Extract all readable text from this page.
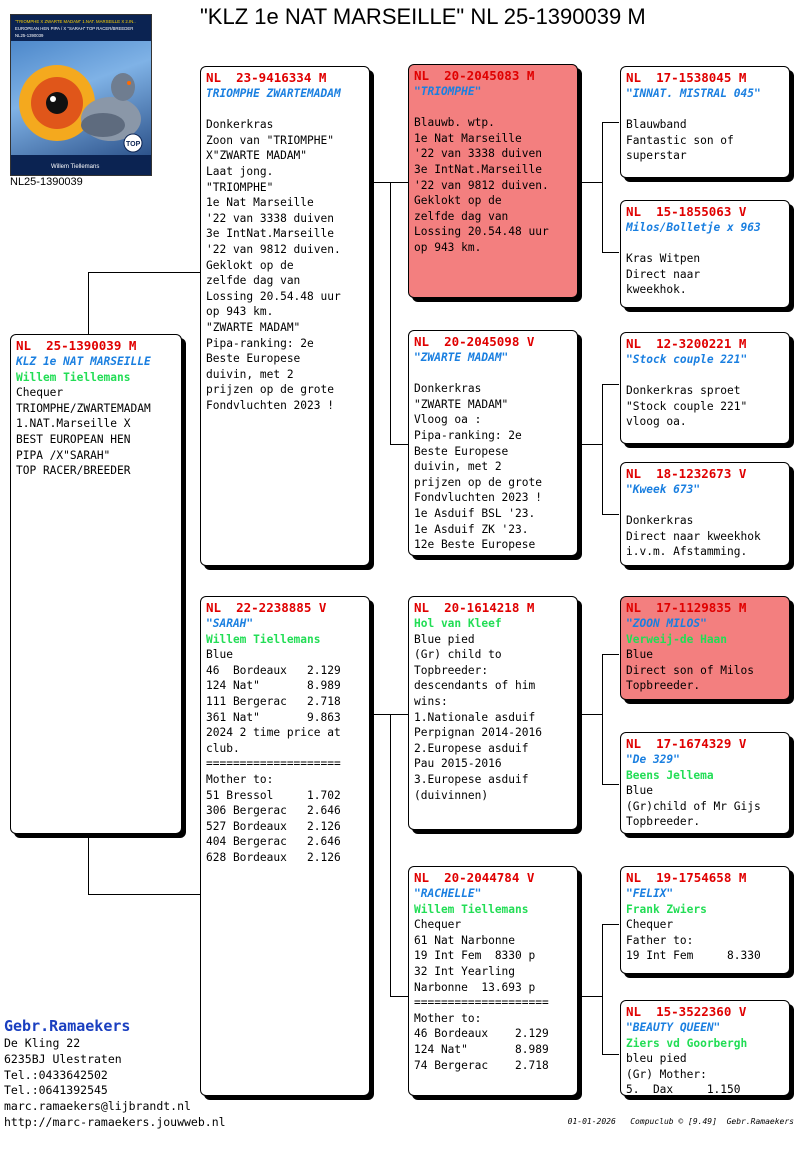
"KLZ 1e NAT MARSEILLE" NL 25-1390039 M
"TRIOMPHE X ZWARTE MADAM" 1.NAT. MARSEILLE X 2.IN..
EUROPEAN HEN PIPA / X "SARAH" TOP RACER/BREEDER
NL25-1390039
TOP
Willem Tiellemans
NL25-1390039
NL  25-1390039 M
KLZ 1e NAT MARSEILLE
Willem Tiellemans
Chequer
TRIOMPHE/ZWARTEMADAM
1.NAT.Marseille X
BEST EUROPEAN HEN
PIPA /X"SARAH"
TOP RACER/BREEDER
NL  23-9416334 M
TRIOMPHE ZWARTEMADAM
Donkerkras
Zoon van "TRIOMPHE"
X"ZWARTE MADAM"
Laat jong.
"TRIOMPHE"
1e Nat Marseille
'22 van 3338 duiven
3e IntNat.Marseille
'22 van 9812 duiven.
Geklokt op de
zelfde dag van
Lossing 20.54.48 uur
op 943 km.
"ZWARTE MADAM"
Pipa-ranking: 2e
Beste Europese
duivin, met 2
prijzen op de grote
Fondvluchten 2023 !
NL  22-2238885 V
"SARAH"
Willem Tiellemans
Blue
46  Bordeaux   2.129
124 Nat"       8.989
111 Bergerac   2.718
361 Nat"       9.863
2024 2 time price at
club.
====================
Mother to:
51 Bressol     1.702
306 Bergerac   2.646
527 Bordeaux   2.126
404 Bergerac   2.646
628 Bordeaux   2.126
NL  20-2045083 M
"TRIOMPHE"
Blauwb. wtp.
1e Nat Marseille
'22 van 3338 duiven
3e IntNat.Marseille
'22 van 9812 duiven.
Geklokt op de
zelfde dag van
Lossing 20.54.48 uur
op 943 km.
NL  20-2045098 V
"ZWARTE MADAM"
Donkerkras
"ZWARTE MADAM"
Vloog oa :
Pipa-ranking: 2e
Beste Europese
duivin, met 2
prijzen op de grote
Fondvluchten 2023 !
1e Asduif BSL '23.
1e Asduif ZK '23.
12e Beste Europese
NL  20-1614218 M
Hol van Kleef
Blue pied
(Gr) child to
Topbreeder:
descendants of him
wins:
1.Nationale asduif
Perpignan 2014-2016
2.Europese asduif
Pau 2015-2016
3.Europese asduif
(duivinnen)
NL  20-2044784 V
"RACHELLE"
Willem Tiellemans
Chequer
61 Nat Narbonne
19 Int Fem  8330 p
32 Int Yearling
Narbonne  13.693 p
====================
Mother to:
46 Bordeaux    2.129
124 Nat"       8.989
74 Bergerac    2.718
NL  17-1538045 M
"INNAT. MISTRAL 045"
Blauwband
Fantastic son of
superstar
NL  15-1855063 V
Milos/Bolletje x 963
Kras Witpen
Direct naar
kweekhok.
NL  12-3200221 M
"Stock couple 221"
Donkerkras sproet
"Stock couple 221"
vloog oa.
NL  18-1232673 V
"Kweek 673"
Donkerkras
Direct naar kweekhok
i.v.m. Afstamming.
NL  17-1129835 M
"ZOON MILOS"
Verweij-de Haan
Blue
Direct son of Milos
Topbreeder.
NL  17-1674329 V
"De 329"
Beens Jellema
Blue
(Gr)child of Mr Gijs
Topbreeder.
NL  19-1754658 M
"FELIX"
Frank Zwiers
Chequer
Father to:
19 Int Fem     8.330
NL  15-3522360 V
"BEAUTY QUEEN"
Ziers vd Goorbergh
bleu pied
(Gr) Mother:
5.  Dax     1.150
Gebr.Ramaekers
De Kling 22
6235BJ Ulestraten
Tel.:0433642502
Tel.:0641392545
marc.ramaekers@lijbrandt.nl
http://marc-ramaekers.jouwweb.nl	01-01-2026   Compuclub © [9.49]  Gebr.Ramaekers
